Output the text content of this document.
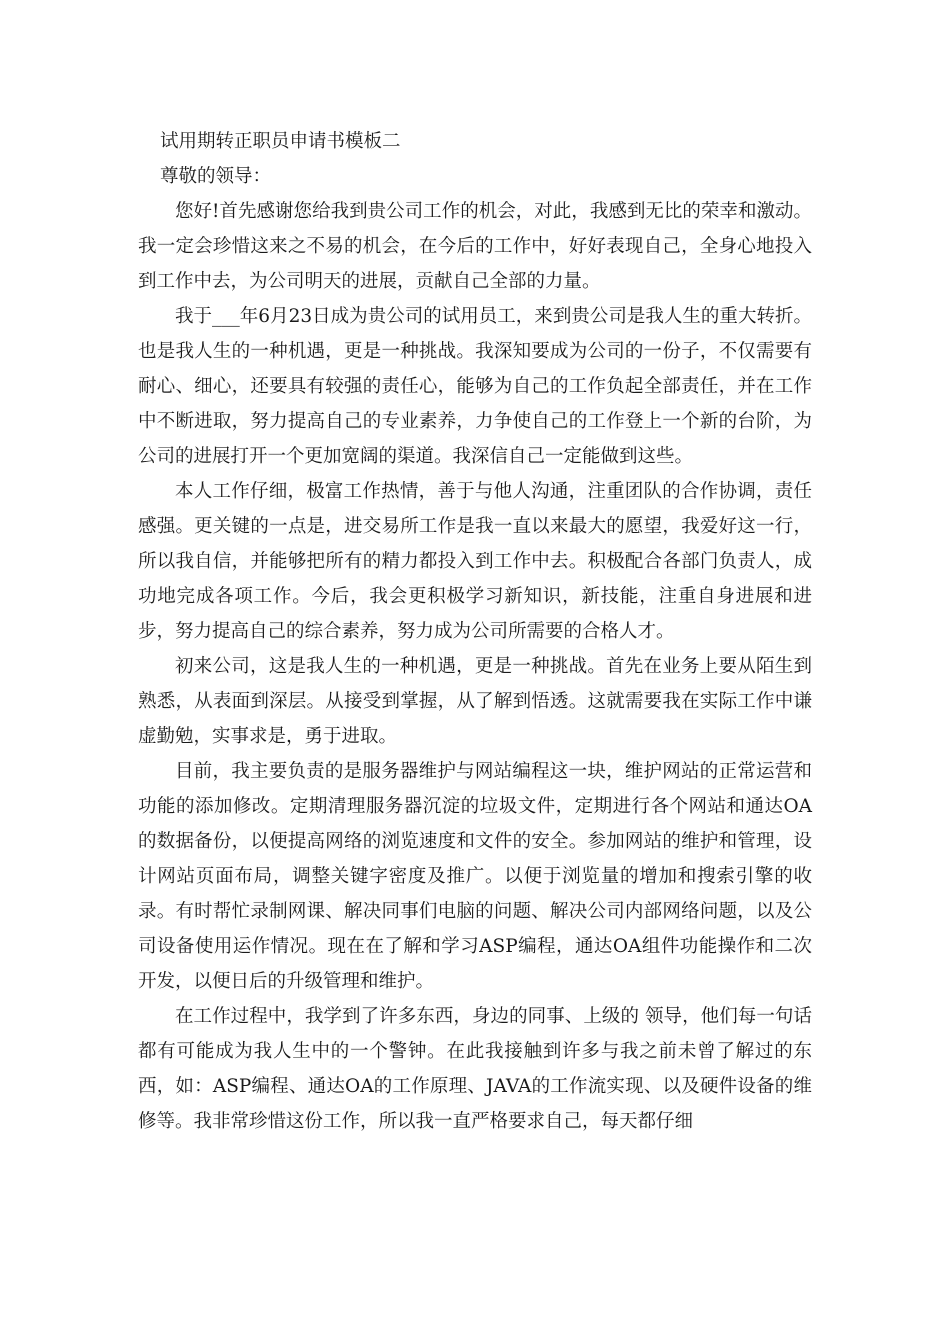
试用期转正职员申请书模板二

尊敬的领导：

您好!首先感谢您给我到贵公司工作的机会，对此，我感到无比的荣幸和激动。我一定会珍惜这来之不易的机会，在今后的工作中，好好表现自己，全身心地投入到工作中去，为公司明天的进展，贡献自己全部的力量。

我于___年6月23日成为贵公司的试用员工，来到贵公司是我人生的重大转折。也是我人生的一种机遇，更是一种挑战。我深知要成为公司的一份子，不仅需要有耐心、细心，还要具有较强的责任心，能够为自己的工作负起全部责任，并在工作中不断进取，努力提高自己的专业素养，力争使自己的工作登上一个新的台阶，为公司的进展打开一个更加宽阔的渠道。我深信自己一定能做到这些。

本人工作仔细，极富工作热情，善于与他人沟通，注重团队的合作协调，责任感强。更关键的一点是，进交易所工作是我一直以来最大的愿望，我爱好这一行，所以我自信，并能够把所有的精力都投入到工作中去。积极配合各部门负责人，成功地完成各项工作。今后，我会更积极学习新知识，新技能，注重自身进展和进步，努力提高自己的综合素养，努力成为公司所需要的合格人才。

初来公司，这是我人生的一种机遇，更是一种挑战。首先在业务上要从陌生到熟悉，从表面到深层。从接受到掌握，从了解到悟透。这就需要我在实际工作中谦虚勤勉，实事求是，勇于进取。

目前，我主要负责的是服务器维护与网站编程这一块，维护网站的正常运营和功能的添加修改。定期清理服务器沉淀的垃圾文件，定期进行各个网站和通达OA的数据备份，以便提高网络的浏览速度和文件的安全。参加网站的维护和管理，设计网站页面布局，调整关键字密度及推广。以便于浏览量的增加和搜索引擎的收录。有时帮忙录制网课、解决同事们电脑的问题、解决公司内部网络问题，以及公司设备使用运作情况。现在在了解和学习ASP编程，通达OA组件功能操作和二次开发，以便日后的升级管理和维护。

在工作过程中，我学到了许多东西，身边的同事、上级的 领导，他们每一句话都有可能成为我人生中的一个警钟。在此我接触到许多与我之前未曾了解过的东西，如：ASP编程、通达OA的工作原理、JAVA的工作流实现、以及硬件设备的维修等。我非常珍惜这份工作，所以我一直严格要求自己，每天都仔细
